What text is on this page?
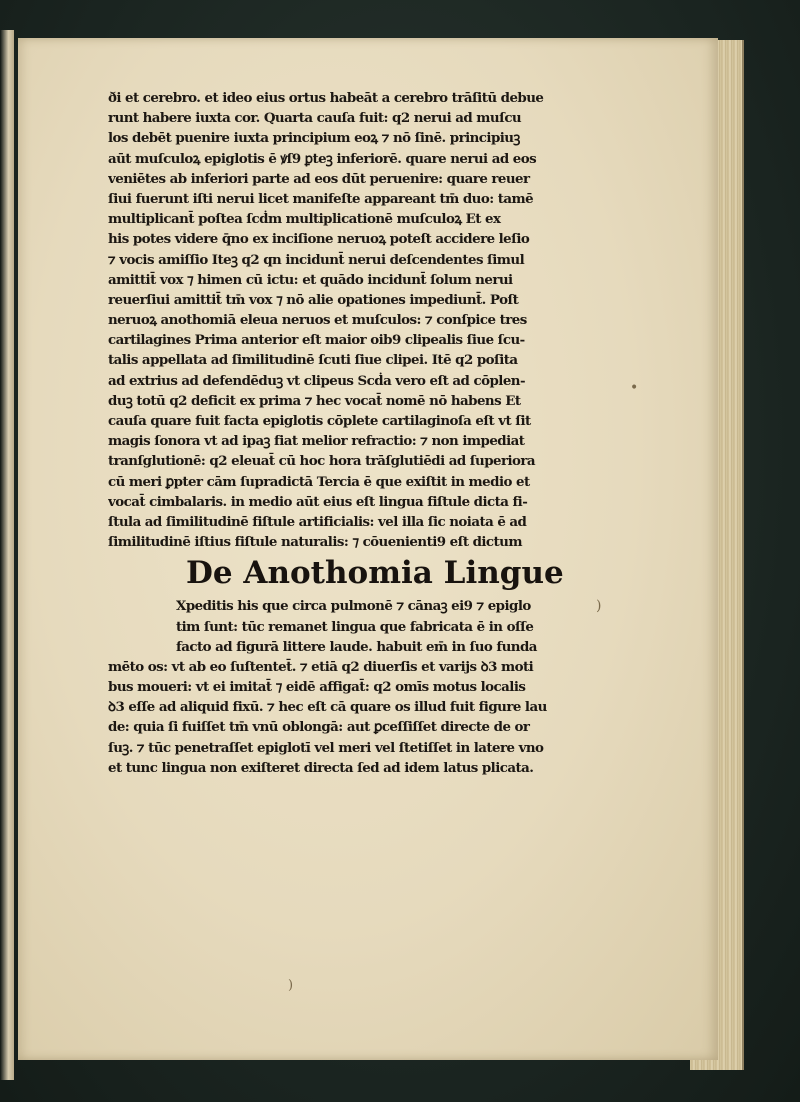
•
)
)
ði et cerebro. et ideo eius ortus habeāt a cerebro trāſitū debue
runt habere iuxta cor. Quarta cauſa fuit: q2 nerui ad muſcu
los debēt puenire iuxta principium eoꝝ ⁊ nō ſinē. principiuꝫ
aūt muſculoꝝ epiglotis ē ꝟſ9 ꝑteꝫ inferiorē. quare nerui ad eos
veniētes ab inferiori parte ad eos dūt peruenire: quare reuer
ſiui fuerunt iſti nerui licet manifeſte appareant tm̄ duo: tamē
multiplicant̄ poſtea ſcḋm multiplicationē muſculoꝝ Et ex
his potes videre q̄no ex inciſione neruoꝝ poteſt accidere leſio
⁊ vocis amiſſio Iteꝫ q2 qn incidunt̄ nerui deſcendentes ſimul
amittit̄ vox ⁊ himen cū ictu: et quādo incidunt̄ ſolum nerui
reuerſiui amittit̄ tm̄ vox ⁊ nō alie opationes impediunt̄. Poſt
neruoꝝ anothomiā eleua neruos et muſculos: ⁊ conſpice tres
cartilagines Prima anterior eſt maior oib9 clipealis ſiue ſcu-
talis appellata ad ſimilitudinē ſcuti ſiue clipei. Itē q2 poſita
ad extrius ad defendēduꝫ vt clipeus Scḋa vero eſt ad cōplen-
duꝫ totū q2 deficit ex prima ⁊ hec vocat̄ nomē nō habens Et
cauſa quare fuit facta epiglotis cōplete cartilaginoſa eſt vt ſit
magis ſonora vt ad ipaꝫ fiat melior refractio: ⁊ non impediat
tranſglutionē: q2 eleuat̄ cū hoc hora trāſglutiēdi ad ſuperiora
cū meri ꝑpter cām ſupradictā Tercia ē que exiſtit in medio et
vocat̄ cimbalaris. in medio aūt eius eſt lingua fiſtule dicta fi-
ſtula ad ſimilitudinē fiſtule artificialis: vel illa ſic noiata ē ad
ſimilitudinē iſtius fiſtule naturalis: ⁊ cōuenienti9 eſt dictum
De Anothomia Lingue
Xpeditis his que circa pulmonē ⁊ cānaꝫ ei9 ⁊ epiglo
tim ſunt: tūc remanet lingua que fabricata ē in oſſe
facto ad figurā littere laude. habuit em̄ in ſuo funda
mēto os: vt ab eo ſuſtentet̄. ⁊ etiā q2 diuerſis et varijs ꝺ3 moti
bus moueri: vt ei imitat̄ ⁊ eidē affigat̄: q2 omīs motus localis
ꝺ3 eſſe ad aliquid fixū. ⁊ hec eſt cā quare os illud fuit figure lau
de: quia ſi fuiſſet tm̄ vnū oblongā: aut ꝑceſſiſſet directe de or
ſuꝫ. ⁊ tūc penetraſſet epiglotī vel meri vel ſtetiſſet in latere vno
et tunc lingua non exiſteret directa ſed ad idem latus plicata.
